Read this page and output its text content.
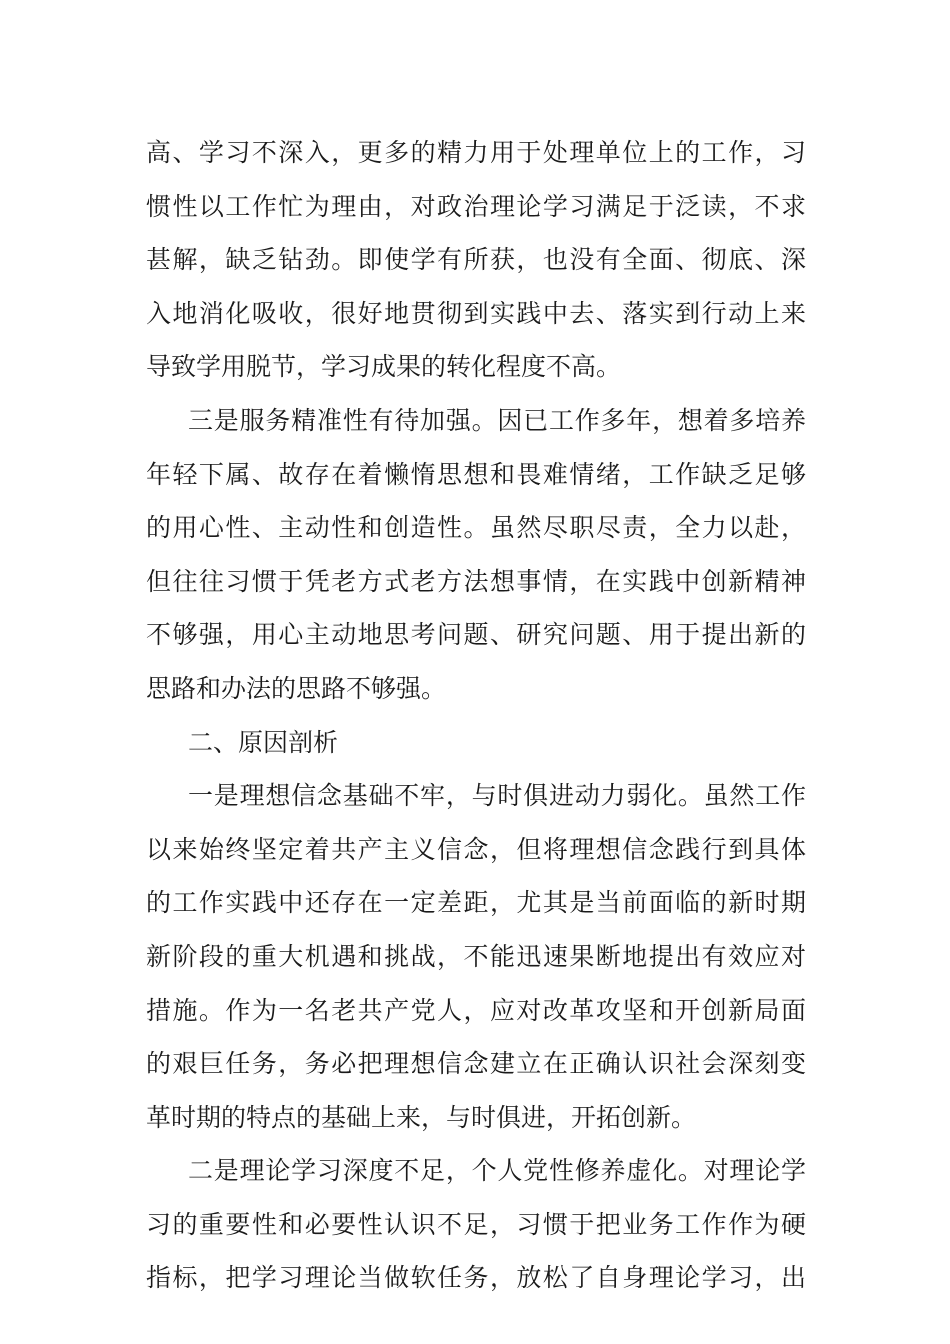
高、学习不深入，更多的精力用于处理单位上的工作，习
惯性以工作忙为理由，对政治理论学习满足于泛读，不求
甚解，缺乏钻劲。即使学有所获，也没有全面、彻底、深
入地消化吸收，很好地贯彻到实践中去、落实到行动上来
导致学用脱节，学习成果的转化程度不高。
三是服务精准性有待加强。因已工作多年，想着多培养
年轻下属、故存在着懒惰思想和畏难情绪，工作缺乏足够
的用心性、主动性和创造性。虽然尽职尽责，全力以赴，
但往往习惯于凭老方式老方法想事情，在实践中创新精神
不够强，用心主动地思考问题、研究问题、用于提出新的
思路和办法的思路不够强。
二、原因剖析
一是理想信念基础不牢，与时俱进动力弱化。虽然工作
以来始终坚定着共产主义信念，但将理想信念践行到具体
的工作实践中还存在一定差距，尤其是当前面临的新时期
新阶段的重大机遇和挑战，不能迅速果断地提出有效应对
措施。作为一名老共产党人，应对改革攻坚和开创新局面
的艰巨任务，务必把理想信念建立在正确认识社会深刻变
革时期的特点的基础上来，与时俱进，开拓创新。
二是理论学习深度不足，个人党性修养虚化。对理论学
习的重要性和必要性认识不足，习惯于把业务工作作为硬
指标，把学习理论当做软任务，放松了自身理论学习，出
